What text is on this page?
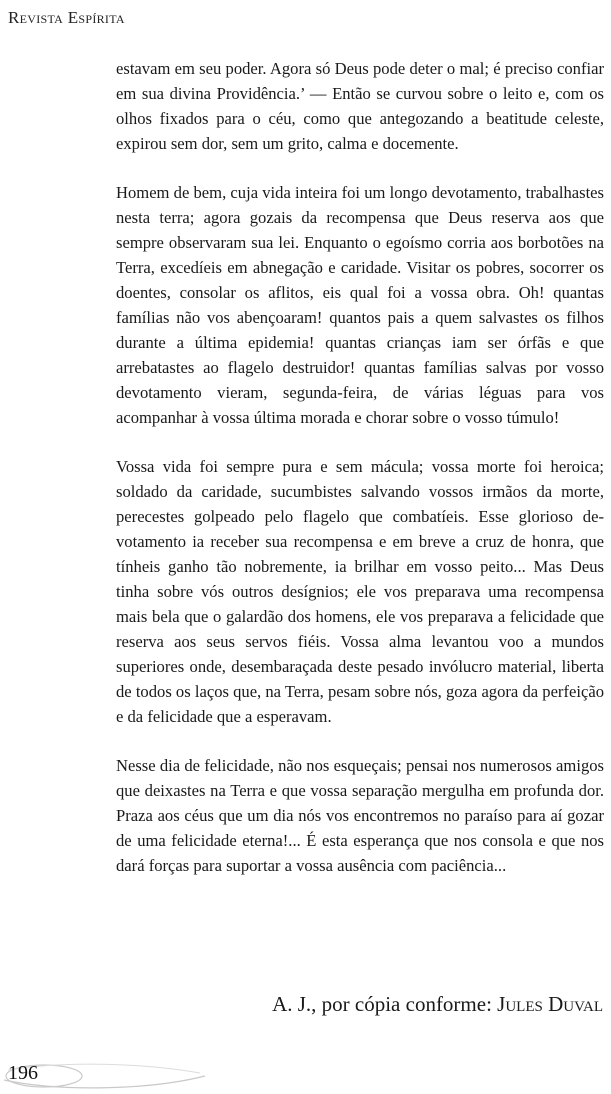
Revista Espírita

estavam em seu poder. Agora só Deus pode deter o mal; é preciso confiar em sua divina Providência.’ — Então se curvou sobre o leito e, com os olhos fixados para o céu, como que antegozando a beatitude celeste, expirou sem dor, sem um grito, calma e docemente.

Homem de bem, cuja vida inteira foi um longo devotamento, trabalhastes nesta terra; agora gozais da recompensa que Deus reserva aos que sempre observaram sua lei. Enquanto o egoísmo corria aos borbotões na Terra, excedíeis em abnegação e caridade. Visitar os pobres, socorrer os doentes, consolar os aflitos, eis qual foi a vossa obra. Oh! quantas famílias não vos abençoaram! quantos pais a quem salvastes os filhos durante a última epidemia! quantas crianças iam ser órfãs e que arrebatastes ao flagelo destruidor! quantas famílias salvas por vosso devotamento vieram, segunda-feira, de várias léguas para vos acompanhar à vossa última morada e chorar sobre o vosso túmulo!

Vossa vida foi sempre pura e sem mácula; vossa morte foi heroica; soldado da caridade, sucumbistes salvando vossos irmãos da morte, perecestes golpeado pelo flagelo que combatíeis. Esse glorioso devotamento ia receber sua recompensa e em breve a cruz de honra, que tínheis ganho tão nobremente, ia brilhar em vosso peito... Mas Deus tinha sobre vós outros desígnios; ele vos preparava uma recompensa mais bela que o galardão dos homens, ele vos preparava a felicidade que reserva aos seus servos fiéis. Vossa alma levantou voo a mundos superiores onde, desembaraçada deste pesado invólucro material, liberta de todos os laços que, na Terra, pesam sobre nós, goza agora da perfeição e da felicidade que a esperavam.

Nesse dia de felicidade, não nos esqueçais; pensai nos numerosos amigos que deixastes na Terra e que vossa separação mergulha em profunda dor. Praza aos céus que um dia nós vos encontremos no paraíso para aí gozar de uma felicidade eterna!... É esta esperança que nos consola e que nos dará forças para suportar a vossa ausência com paciência...

A. J., por cópia conforme: Jules Duval
196
